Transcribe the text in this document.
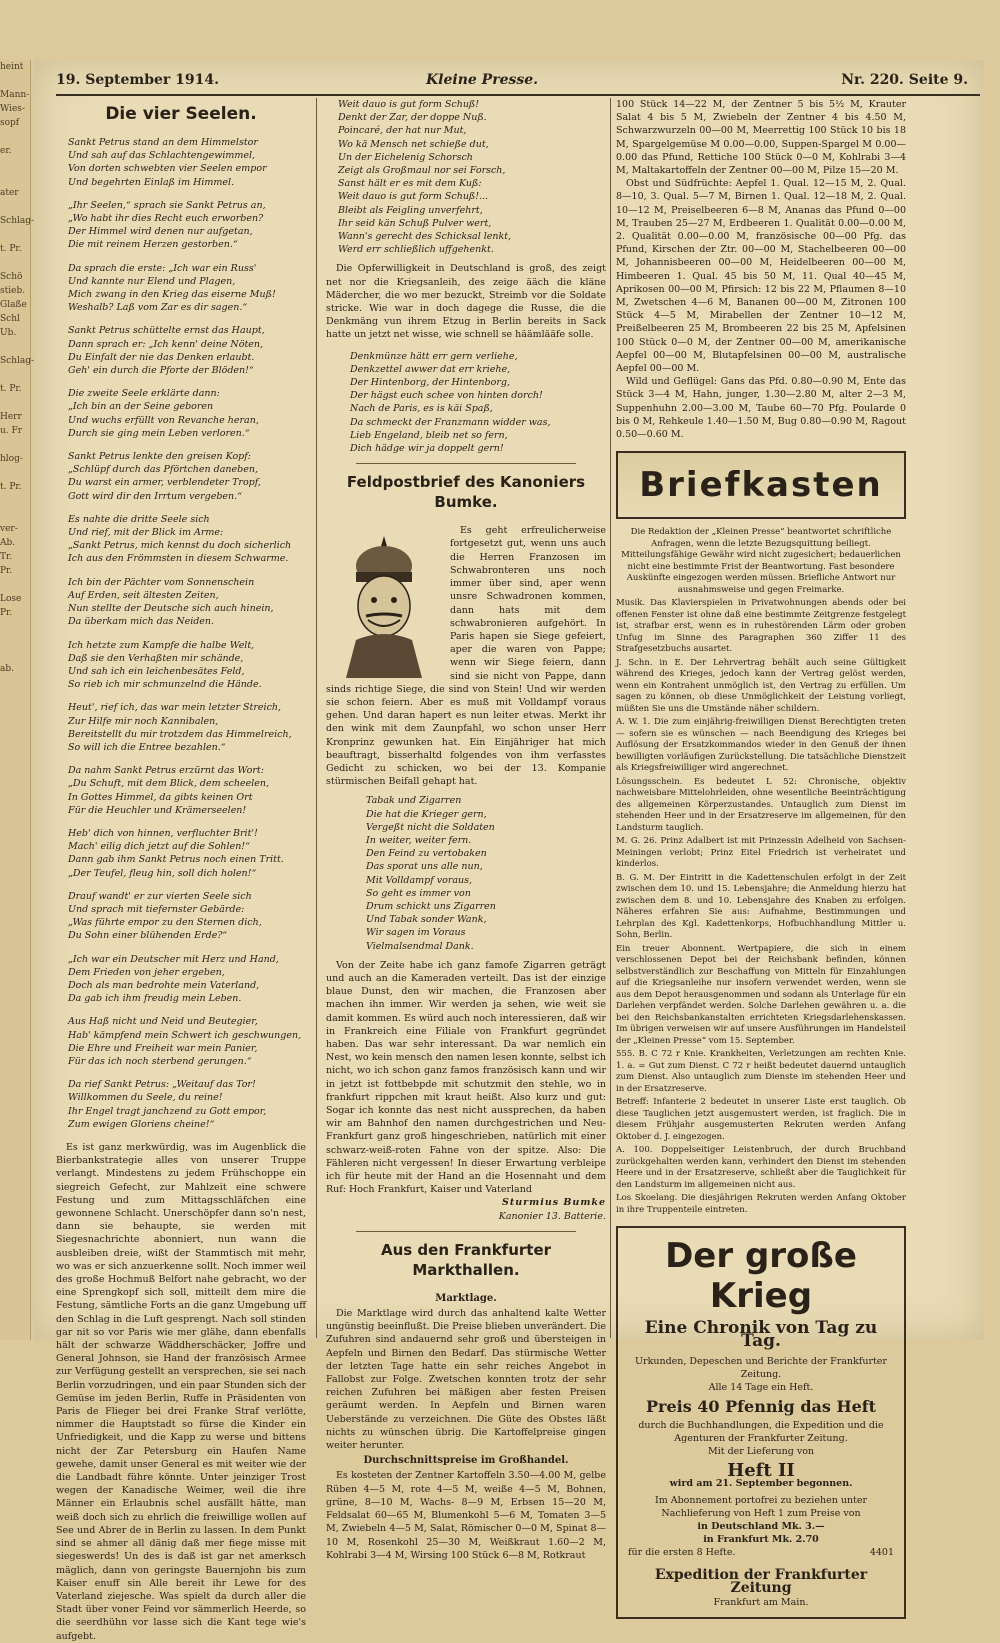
heint

Mann-
Wies-
sopf

er.

ater

Schlag-

t. Pr.

Schö
stieb.
Glaße
Schl
Ub.

Schlag-

t. Pr.

Herr
u. Fr

hlog-

t. Pr.

ver-
Ab.
Tr.
Pr.

Lose
Pr.

ab.
19. September 1914.	Kleine Presse.	Nr. 220. Seite 9.
Die vier Seelen.

Sankt Petrus stand an dem Himmelstor

Und sah auf das Schlachtengewimmel,

Von dorten schwebten vier Seelen empor

Und begehrten Einlaß im Himmel.

„Ihr Seelen,“ sprach sie Sankt Petrus an,

„Wo habt ihr dies Recht euch erworben?

Der Himmel wird denen nur aufgetan,

Die mit reinem Herzen gestorben.“

Da sprach die erste: „Ich war ein Russ'

Und kannte nur Elend und Plagen,

Mich zwang in den Krieg das eiserne Muß!

Weshalb? Laß vom Zar es dir sagen.“

Sankt Petrus schüttelte ernst das Haupt,

Dann sprach er: „Ich kenn' deine Nöten,

Du Einfalt der nie das Denken erlaubt.

Geh' ein durch die Pforte der Blöden!“

Die zweite Seele erklärte dann:

„Ich bin an der Seine geboren

Und wuchs erfüllt von Revanche heran,

Durch sie ging mein Leben verloren.“

Sankt Petrus lenkte den greisen Kopf:

„Schlüpf durch das Pförtchen daneben,

Du warst ein armer, verblendeter Tropf,

Gott wird dir den Irrtum vergeben.“

Es nahte die dritte Seele sich

Und rief, mit der Blick im Arme:

„Sankt Petrus, mich kennst du doch sicherlich

Ich aus den Frömmsten in diesem Schwarme.

Ich bin der Pächter vom Sonnenschein

Auf Erden, seit ältesten Zeiten,

Nun stellte der Deutsche sich auch hinein,

Da überkam mich das Neiden.

Ich hetzte zum Kampfe die halbe Welt,

Daß sie den Verhaßten mir schände,

Und sah ich ein leichenbesätes Feld,

So rieb ich mir schmunzelnd die Hände.

Heut', rief ich, das war mein letzter Streich,

Zur Hilfe mir noch Kannibalen,

Bereitstellt du mir trotzdem das Himmelreich,

So will ich die Entree bezahlen.“

Da nahm Sankt Petrus erzürnt das Wort:

„Du Schuft, mit dem Blick, dem scheelen,

In Gottes Himmel, da gibts keinen Ort

Für die Heuchler und Krämerseelen!

Heb' dich von hinnen, verfluchter Brit'!

Mach' eilig dich jetzt auf die Sohlen!“

Dann gab ihm Sankt Petrus noch einen Tritt.

„Der Teufel, fleug hin, soll dich holen!“

Drauf wandt' er zur vierten Seele sich

Und sprach mit tiefernster Gebärde:

„Was führte empor zu den Sternen dich,

Du Sohn einer blühenden Erde?“

„Ich war ein Deutscher mit Herz und Hand,

Dem Frieden von jeher ergeben,

Doch als man bedrohte mein Vaterland,

Da gab ich ihm freudig mein Leben.

Aus Haß nicht und Neid und Beutegier,

Hab' kämpfend mein Schwert ich geschwungen,

Die Ehre und Freiheit war mein Panier,

Für das ich noch sterbend gerungen.“

Da rief Sankt Petrus: „Weitauf das Tor!

Willkommen du Seele, du reine!

Ihr Engel tragt janchzend zu Gott empor,

Zum ewigen Gloriens cheine!“

Es ist ganz merkwürdig, was im Augenblick die Bierbankstrategie alles von unserer Truppe verlangt. Mindestens zu jedem Frühschoppe ein siegreich Gefecht, zur Mahlzeit eine schwere Festung und zum Mittagsschläfchen eine gewonnene Schlacht. Unerschöpfer dann so'n nest, dann sie behaupte, sie werden mit Siegesnachrichte abonniert, nun wann die ausbleiben dreie, wißt der Stammtisch mit mehr, wo was er sich anzuerkenne sollt. Noch immer weil des große Hochmuß Belfort nahe gebracht, wo der eine Sprengkopf sich soll, mitteilt dem mire die Festung, sämtliche Forts an die ganz Umgebung uff den Schlag in die Luft gesprengt. Nach soll stinden gar nit so vor Paris wie mer glähe, dann ebenfalls hält der schwarze Wäddherschäcker, Joffre und General Johnson, sie Hand der französisch Armee zur Verfügung gestellt an versprechen, sie sei nach Berlin vorzudringen, und ein paar Stunden sich der Gemüse im jeden Berlin, Ruffe in Präsidenten von Paris de Flieger bei drei Franke Straf verlötte, nimmer die Hauptstadt so fürse die Kinder ein Unfriedigkeit, und die Kapp zu werse und bittens nicht der Zar Petersburg ein Haufen Name gewehe, damit unser General es mit weiter wie der die Landbadt führe könnte. Unter jeinziger Trost wegen der Kanadische Weimer, weil die ihre Männer ein Erlaubnis schel ausfällt hätte, man weiß doch sich zu ehrlich die freiwillige wollen auf See und Abrer de in Berlin zu lassen. In dem Punkt sind se ahmer all dänig daß mer fiege misse mit siegeswerds! Un des is daß ist gar net amerksch mäglich, dann von geringste Bauernjohn bis zum Kaiser enuff sin Alle bereit ihr Lewe for des Vaterland ziejesche. Was spielt da durch aller die Stadt über voner Feind vor sämmerlich Heerde, so die seerdhühn vor lasse sich die Kant tege wie's aufgebt.

Weit dauo is gut form Schuß!

Denkt der Zar, der doppe Nuß.

Poincaré, der hat nur Mut,

Wo kä Mensch net schieße dut,

Un der Eichelenig Schorsch

Zeigt als Großmaul nor sei Forsch,

Sanst hält er es mit dem Kuß:

Weit dauo is gut form Schuß!...

Bleibt als Feigling unverfehrt,

Ihr seid kän Schuß Pulver wert,

Wann's gerecht des Schicksal lenkt,

Werd err schließlich uffgehenkt.

Die Opferwilligkeit in Deutschland is groß, des zeigt net nor die Kriegsanleih, des zeige ääch die kläne Mädercher, die wo mer bezuckt, Streimb vor die Soldate stricke. Wie war in doch dagege die Russe, die die Denkmäng vun ihrem Etzug in Berlin bereits in Sack hatte un jetzt net wisse, wie schnell se häämlääfe solle.

Denkmünze hätt err gern verliehe,

Denkzettel awwer dat err kriehe,

Der Hintenborg, der Hintenborg,

Der hägst euch schee von hinten dorch!

Nach de Paris, es is käi Spaß,

Da schmeckt der Franzmann widder was,

Lieb Engeland, bleib net so fern,

Dich hädge wir ja doppelt gern!

Feldpostbrief des Kanoniers Bumke.

Es geht erfreulicherweise fortgesetzt gut, wenn uns auch die Herren Franzosen im Schwabronteren uns noch immer über sind, aper wenn unsre Schwadronen kommen, dann hats mit dem schwabronieren aufgehört. In Paris hapen sie Siege gefeiert, aper die waren von Pappe; wenn wir Siege feiern, dann sind sie nicht von Pappe, dann sinds richtige Siege, die sind von Stein! Und wir werden sie schon feiern. Aber es muß mit Volldampf voraus gehen. Und daran hapert es nun leiter etwas. Merkt ihr den wink mit dem Zaunpfahl, wo schon unser Herr Kronprinz gewunken hat. Ein Einjähriger hat mich beauftragt, bisserhaltd folgendes von ihm verfasstes Gedicht zu schicken, wo bei der 13. Kompanie stürmischen Beifall gehapt hat.

Tabak und Zigarren

Die hat die Krieger gern,

Vergeßt nicht die Soldaten

In weiter, weiter fern.

Den Feind zu vertobaken

Das sporat uns alle nun,

Mit Volldampf voraus,

So geht es immer von

Drum schickt uns Zigarren

Und Tabak sonder Wank,

Wir sagen im Voraus

Vielmalsendmal Dank.

Von der Zeite habe ich ganz famofe Zigarren geträgt und auch an die Kameraden verteilt. Das ist der einzige blaue Dunst, den wir machen, die Franzosen aber machen ihn immer. Wir werden ja sehen, wie weit sie damit kommen. Es würd auch noch interessieren, daß wir in Frankreich eine Filiale von Frankfurt gegründet haben. Das war sehr interessant. Da war nemlich ein Nest, wo kein mensch den namen lesen konnte, selbst ich nicht, wo ich schon ganz famos französisch kann und wir in jetzt ist fottbebpde mit schutzmit den stehle, wo in frankfurt rippchen mit kraut heißt. Also kurz und gut: Sogar ich konnte das nest nicht aussprechen, da haben wir am Bahnhof den namen durchgestrichen und Neu-Frankfurt ganz groß hingeschrieben, natürlich mit einer schwarz-weiß-roten Fahne von der spitze. Also: Die Fähleren nicht vergessen! In dieser Erwartung verbleipe ich für heute mit der Hand an die Hosennaht und dem Ruf: Hoch Frankfurt, Kaiser und Vaterland

Sturmius Bumke
Kanonier 13. Batterie.
Aus den Frankfurter Markthallen.
Marktlage.

Die Marktlage wird durch das anhaltend kalte Wetter ungünstig beeinflußt. Die Preise blieben unverändert. Die Zufuhren sind andauernd sehr groß und übersteigen in Aepfeln und Birnen den Bedarf. Das stürmische Wetter der letzten Tage hatte ein sehr reiches Angebot in Fallobst zur Folge. Zwetschen konnten trotz der sehr reichen Zufuhren bei mäßigen aber festen Preisen geräumt werden. In Aepfeln und Birnen waren Ueberstände zu verzeichnen. Die Güte des Obstes läßt nichts zu wünschen übrig. Die Kartoffelpreise gingen weiter herunter.

Durchschnittspreise im Großhandel.

Es kosteten der Zentner Kartoffeln 3.50—4.00 M, gelbe Rüben 4—5 M, rote 4—5 M, weiße 4—5 M, Bohnen, grüne, 8—10 M, Wachs- 8—9 M, Erbsen 15—20 M, Feldsalat 60—65 M, Blumenkohl 5—6 M, Tomaten 3—5 M, Zwiebeln 4—5 M, Salat, Römischer 0—0 M, Spinat 8—10 M, Rosenkohl 25—30 M, Weißkraut 1.60—2 M, Kohlrabi 3—4 M, Wirsing 100 Stück 6—8 M, Rotkraut

100 Stück 14—22 M, der Zentner 5 bis 5½ M, Krauter Salat 4 bis 5 M, Zwiebeln der Zentner 4 bis 4.50 M, Schwarzwurzeln 00—00 M, Meerrettig 100 Stück 10 bis 18 M, Spargelgemüse M 0.00—0.00, Suppen-Spargel M 0.00—0.00 das Pfund, Rettiche 100 Stück 0—0 M, Kohlrabi 3—4 M, Maltakartoffeln der Zentner 00—00 M, Pilze 15—20 M.

Obst und Südfrüchte: Aepfel 1. Qual. 12—15 M, 2. Qual. 8—10, 3. Qual. 5—7 M, Birnen 1. Qual. 12—18 M, 2. Qual. 10—12 M, Preiselbeeren 6—8 M, Ananas das Pfund 0—00 M, Trauben 25—27 M, Erdbeeren 1. Qualität 0.00—0.00 M, 2. Qualität 0.00—0.00 M, französische 00—00 Pfg. das Pfund, Kirschen der Ztr. 00—00 M, Stachelbeeren 00—00 M, Johannisbeeren 00—00 M, Heidelbeeren 00—00 M, Himbeeren 1. Qual. 45 bis 50 M, 11. Qual 40—45 M, Aprikosen 00—00 M, Pfirsich: 12 bis 22 M, Pflaumen 8—10 M, Zwetschen 4—6 M, Bananen 00—00 M, Zitronen 100 Stück 4—5 M, Mirabellen der Zentner 10—12 M, Preißelbeeren 25 M, Brombeeren 22 bis 25 M, Apfelsinen 100 Stück 0—0 M, der Zentner 00—00 M, amerikanische Aepfel 00—00 M, Blutapfelsinen 00—00 M, australische Aepfel 00—00 M.

Wild und Geflügel: Gans das Pfd. 0.80—0.90 M, Ente das Stück 3—4 M, Hahn, junger, 1.30—2.80 M, alter 2—3 M, Suppenhuhn 2.00—3.00 M, Taube 60—70 Pfg. Poularde 0 bis 0 M, Rehkeule 1.40—1.50 M, Bug 0.80—0.90 M, Ragout 0.50—0.60 M.

Briefkasten

Die Redaktion der „Kleinen Presse“ beantwortet schriftliche Anfragen, wenn die letzte Bezugsquittung beiliegt. Mitteilungsfähige Gewähr wird nicht zugesichert; bedauerlichen nicht eine bestimmte Frist der Beantwortung. Fast besondere Auskünfte eingezogen werden müssen. Briefliche Antwort nur ausnahmsweise und gegen Freimarke.

Musik. Das Klavierspielen in Privatwohnungen abends oder bei offenen Fenster ist ohne daß eine bestimmte Zeitgrenze festgelegt ist, strafbar erst, wenn es in ruhestörenden Lärm oder groben Unfug im Sinne des Paragraphen 360 Ziffer 11 des Strafgesetzbuchs ausartet.

J. Schn. in E. Der Lehrvertrag behält auch seine Gültigkeit während des Krieges, jedoch kann der Vertrag gelöst werden, wenn ein Kontrahent unmöglich ist, den Vertrag zu erfüllen. Um sagen zu können, ob diese Unmöglichkeit der Leistung vorliegt, müßten Sie uns die Umstände näher schildern.

A. W. 1. Die zum einjährig-freiwilligen Dienst Berechtigten treten — sofern sie es wünschen — nach Beendigung des Krieges bei Auflösung der Ersatzkommandos wieder in den Genuß der ihnen bewilligten vorläufigen Zurückstellung. Die tatsächliche Dienstzeit als Kriegsfreiwilliger wird angerechnet.

Lösungsschein. Es bedeutet L 52: Chronische, objektiv nachweisbare Mittelohrleiden, ohne wesentliche Beeinträchtigung des allgemeinen Körperzustandes. Untauglich zum Dienst im stehenden Heer und in der Ersatzreserve im allgemeinen, für den Landsturm tauglich.

M. G. 26. Prinz Adalbert ist mit Prinzessin Adelheid von Sachsen-Meiningen verlobt; Prinz Eitel Friedrich ist verheiratet und kinderlos.

B. G. M. Der Eintritt in die Kadettenschulen erfolgt in der Zeit zwischen dem 10. und 15. Lebensjahre; die Anmeldung hierzu hat zwischen dem 8. und 10. Lebensjahre des Knaben zu erfolgen. Näheres erfahren Sie aus: Aufnahme, Bestimmungen und Lehrplan des Kgl. Kadettenkorps, Hofbuchhandlung Mittler u. Sohn, Berlin.

Ein treuer Abonnent. Wertpapiere, die sich in einem verschlossenen Depot bei der Reichsbank befinden, können selbstverständlich zur Beschaffung von Mitteln für Einzahlungen auf die Kriegsanleihe nur insofern verwendet werden, wenn sie aus dem Depot herausgenommen und sodann als Unterlage für ein Darlehen verpfändet werden. Solche Darlehen gewähren u. a. die bei den Reichsbankanstalten errichteten Kriegsdarlehenskassen. Im übrigen verweisen wir auf unsere Ausführungen im Handelsteil der „Kleinen Presse“ vom 15. September.

555. B. C 72 r Knie. Krankheiten, Verletzungen am rechten Knie. 1. a. = Gut zum Dienst. C 72 r heißt bedeutet dauernd untauglich zum Dienst. Also untauglich zum Dienste im stehenden Heer und in der Ersatzreserve.

Betreff: Infanterie 2 bedeutet in unserer Liste erst tauglich. Ob diese Tauglichen jetzt ausgemustert werden, ist fraglich. Die in diesem Frühjahr ausgemusterten Rekruten werden Anfang Oktober d. J. eingezogen.

A. 100. Doppelseitiger Leistenbruch, der durch Bruchband zurückgehalten werden kann, verhindert den Dienst im stehenden Heere und in der Ersatzreserve, schließt aber die Tauglichkeit für den Landsturm im allgemeinen nicht aus.

Los Skoelang. Die diesjährigen Rekruten werden Anfang Oktober in ihre Truppenteile eintreten.

Der große Krieg
Eine Chronik von Tag zu Tag.
Urkunden, Depeschen und Berichte der Frankfurter Zeitung.
Alle 14 Tage ein Heft.
Preis 40 Pfennig das Heft
durch die Buchhandlungen, die Expedition und die Agenturen der Frankfurter Zeitung.
Mit der Lieferung von
Heft II
wird am 21. September begonnen.
Im Abonnement portofrei zu beziehen unter Nachlieferung von Heft 1 zum Preise von
in Deutschland Mk. 3.—
in Frankfurt Mk. 2.70
für die ersten 8 Hefte.	4401
Expedition der Frankfurter Zeitung
Frankfurt am Main.
